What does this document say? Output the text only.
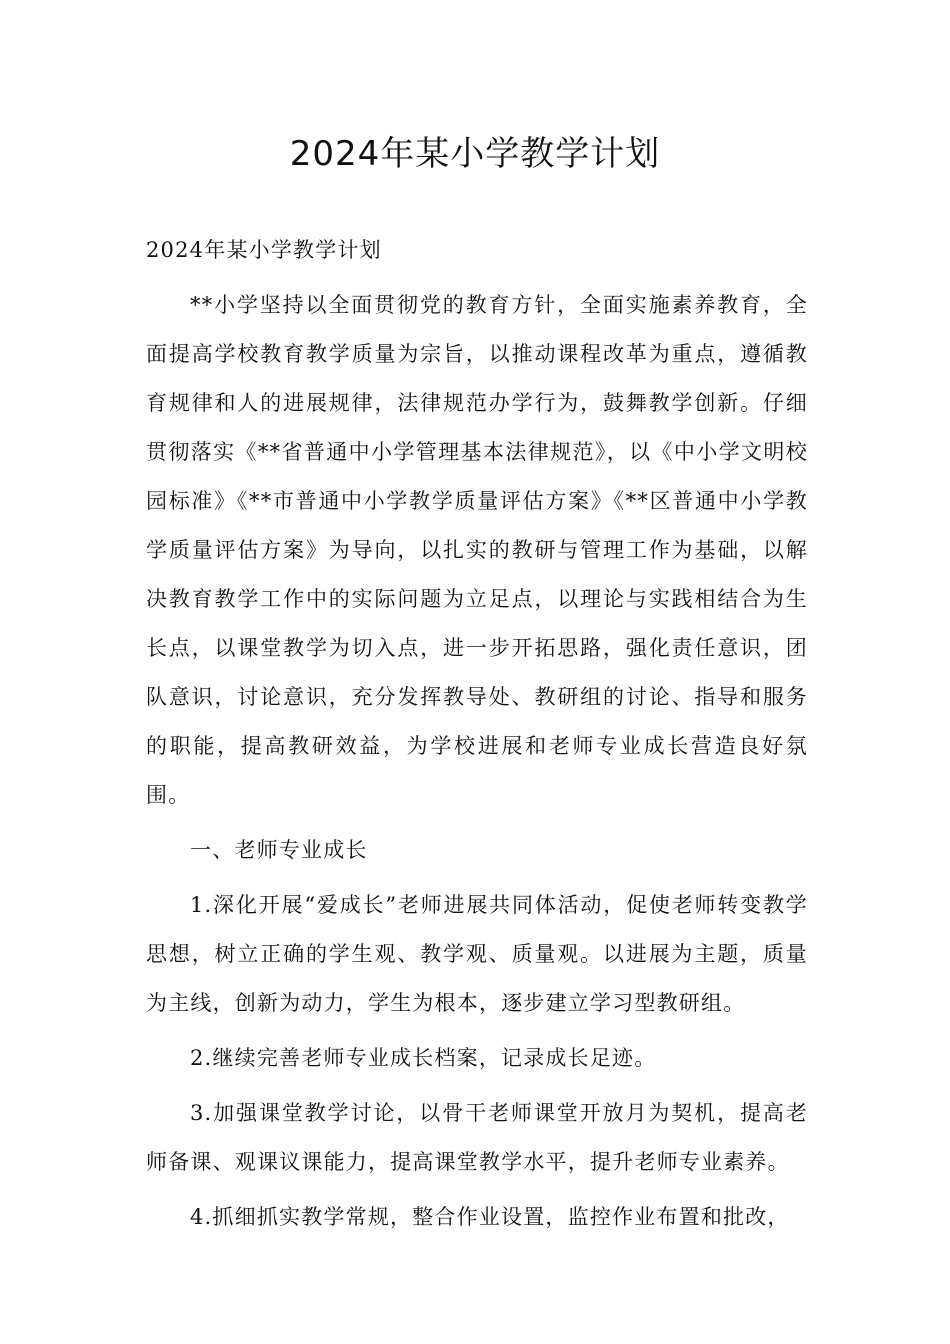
2024年某小学教学计划

2024年某小学教学计划

**小学坚持以全面贯彻党的教育方针，全面实施素养教育，全面提高学校教育教学质量为宗旨，以推动课程改革为重点，遵循教育规律和人的进展规律，法律规范办学行为，鼓舞教学创新。仔细贯彻落实《**省普通中小学管理基本法律规范》，以《中小学文明校园标准》《**市普通中小学教学质量评估方案》《**区普通中小学教学质量评估方案》为导向，以扎实的教研与管理工作为基础，以解决教育教学工作中的实际问题为立足点，以理论与实践相结合为生长点，以课堂教学为切入点，进一步开拓思路，强化责任意识，团队意识，讨论意识，充分发挥教导处、教研组的讨论、指导和服务的职能，提高教研效益，为学校进展和老师专业成长营造良好氛围。

一、老师专业成长

1.深化开展“爱成长”老师进展共同体活动，促使老师转变教学思想，树立正确的学生观、教学观、质量观。以进展为主题，质量为主线，创新为动力，学生为根本，逐步建立学习型教研组。

2.继续完善老师专业成长档案，记录成长足迹。

3.加强课堂教学讨论，以骨干老师课堂开放月为契机，提高老师备课、观课议课能力，提高课堂教学水平，提升老师专业素养。

4.抓细抓实教学常规，整合作业设置，监控作业布置和批改，
